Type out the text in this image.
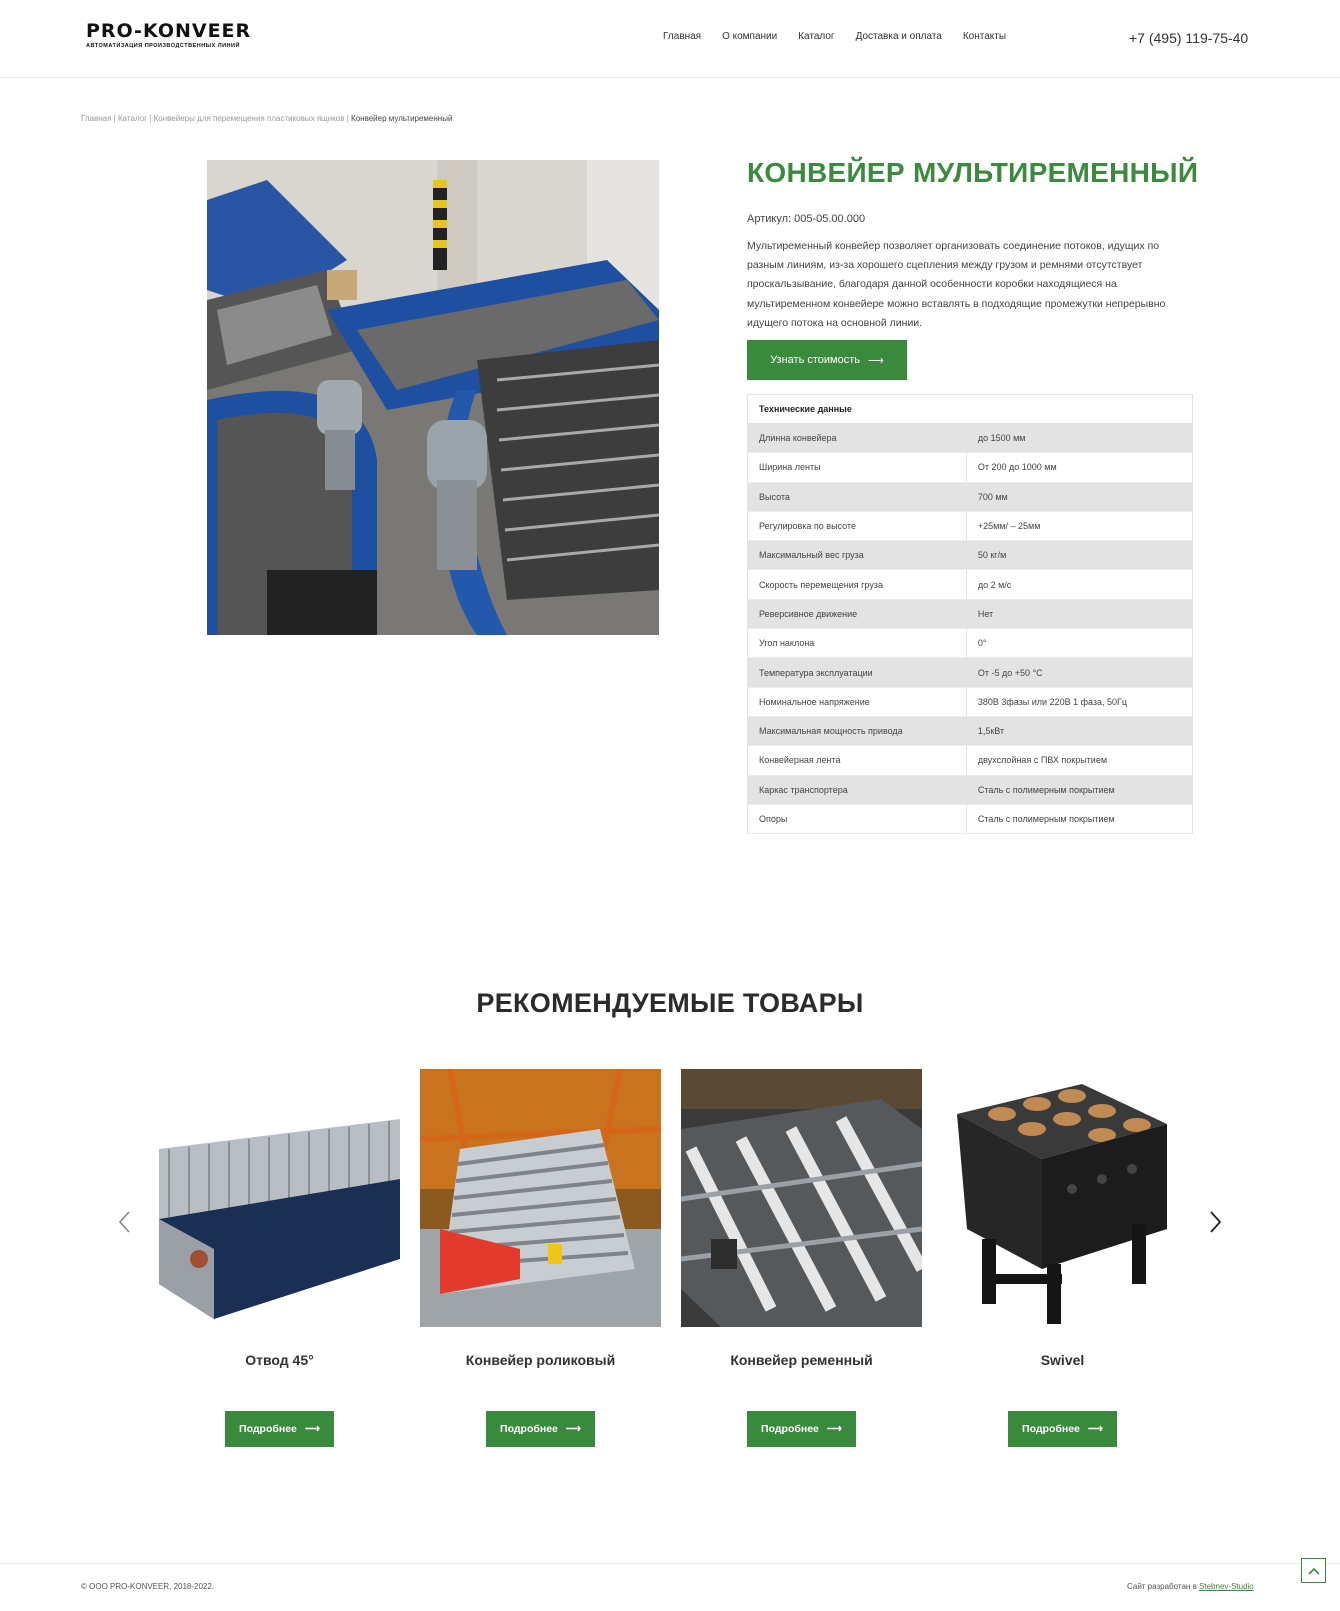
PRO-KONVEER
АВТОМАТИЗАЦИЯ ПРОИЗВОДСТВЕННЫХ ЛИНИЙ
Главная О компании Каталог Доставка и оплата Контакты	+7 (495) 119-75-40
Главная | Каталог | Конвейеры для перемещения пластиковых ящиков | Конвейер мультиременный
КОНВЕЙЕР МУЛЬТИРЕМЕННЫЙ
Артикул: 005-05.00.000

Мультиременный конвейер позволяет организовать соединение потоков, идущих по разным линиям, из-за хорошего сцепления между грузом и ремнями отсутствует проскальзывание, благодаря данной особенности коробки находящиеся на мультиременном конвейере можно вставлять в подходящие промежутки непрерывно идущего потока на основной линии.

Узнать стоимость ⟶
Технические данные	
Длинна конвейера	до 1500 мм
Ширина ленты	От 200 до 1000 мм
Высота	700 мм
Регулировка по высоте	+25мм/ – 25мм
Максимальный вес груза	50 кг/м
Скорость перемещения груза	до 2 м/с
Реверсивное движение	Нет
Угол наклона	0°
Температура эксплуатации	От -5 до +50 °С
Номинальное напряжение	380В 3фазы или 220В 1 фаза, 50Гц
Максимальная мощность привода	1,5кВт
Конвейерная лента	двухслойная с ПВХ покрытием
Каркас транспортера	Сталь с полимерным покрытием
Опоры	Сталь с полимерным покрытием
РЕКОМЕНДУЕМЫЕ ТОВАРЫ
Отвод 45°
Подробнее ⟶
Конвейер роликовый
Подробнее ⟶
Конвейер ременный
Подробнее ⟶
Swivel
Подробнее ⟶
© ООО PRO-KONVEER, 2018-2022.	Сайт разработан в Stebnev-Studio
